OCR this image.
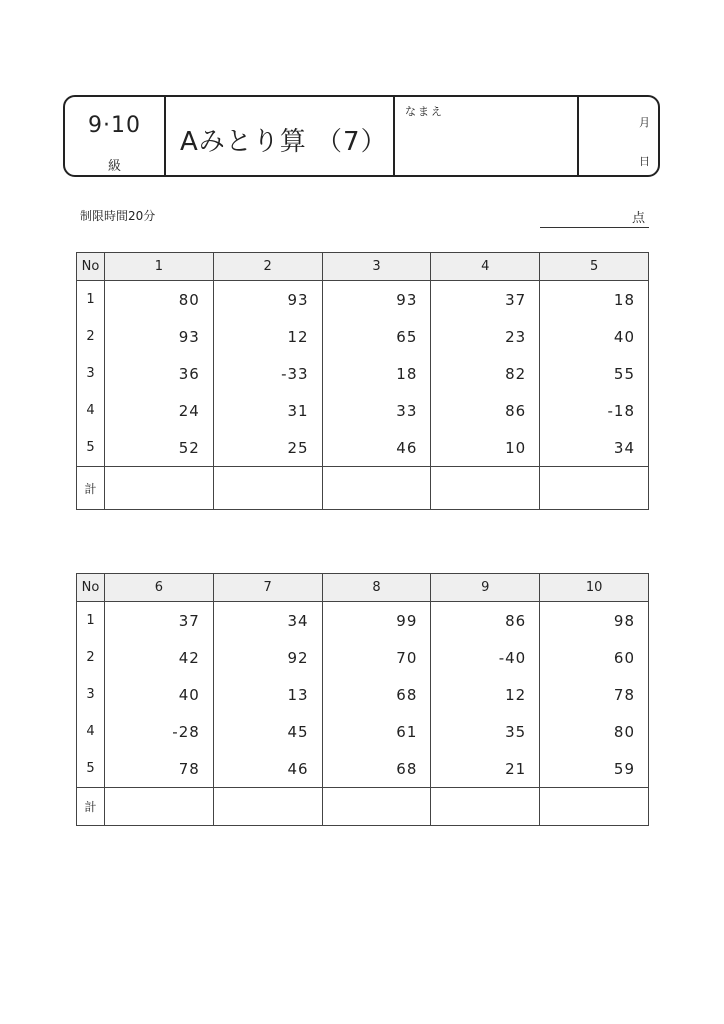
9·10
級
Aみとり算 （7）
なまえ
月
日
制限時間20分	点
No	1	2	3	4	5
1	80	93	93	37	18
2	93	12	65	23	40
3	36	-33	18	82	55
4	24	31	33	86	-18
5	52	25	46	10	34
計					
No	6	7	8	9	10
1	37	34	99	86	98
2	42	92	70	-40	60
3	40	13	68	12	78
4	-28	45	61	35	80
5	78	46	68	21	59
計					
